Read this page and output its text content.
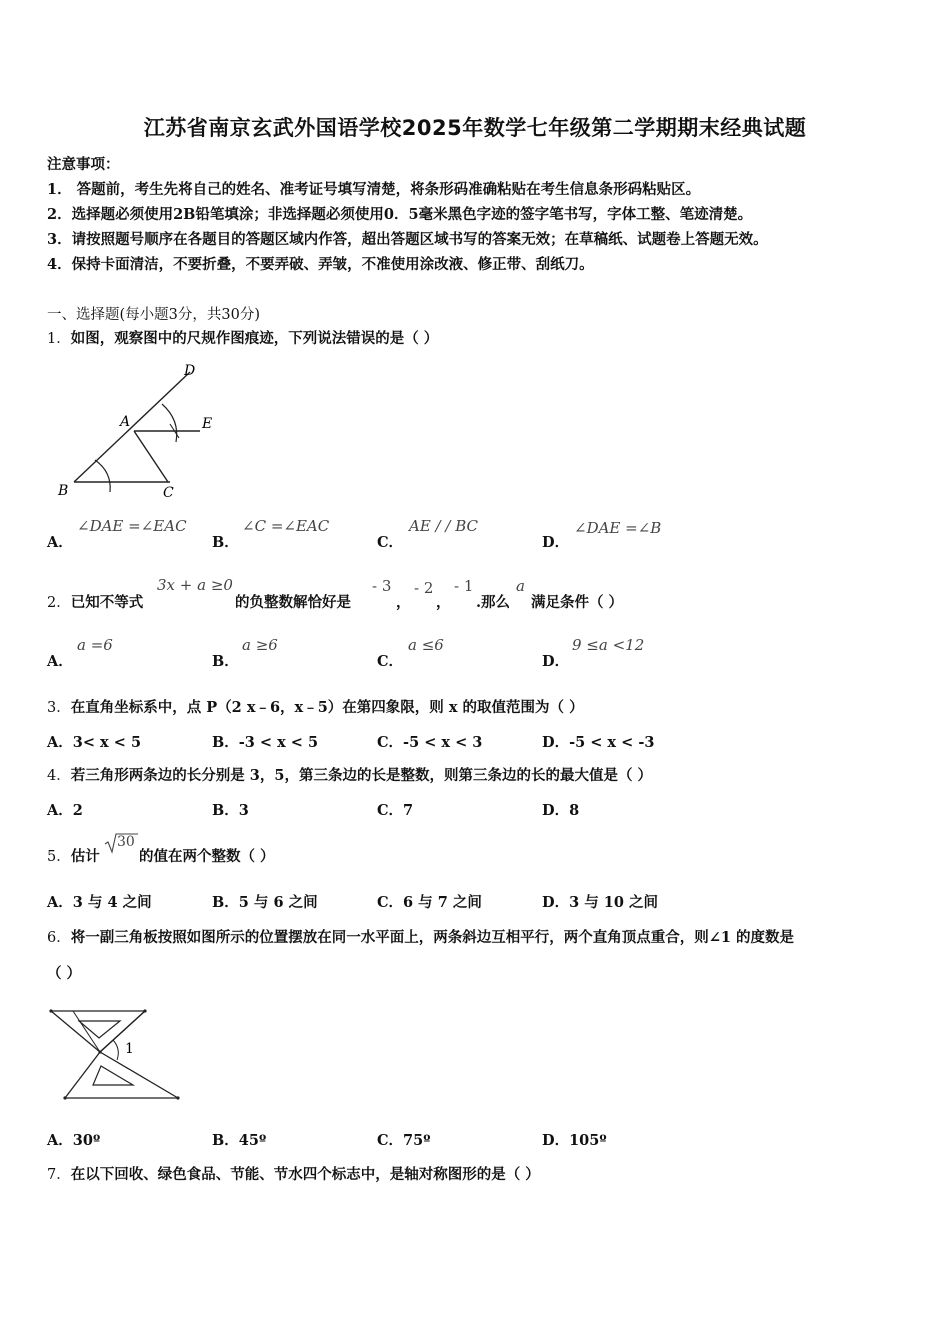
江苏省南京玄武外国语学校2025年数学七年级第二学期期末经典试题
注意事项：
1． 答题前，考生先将自己的姓名、准考证号填写清楚，将条形码准确粘贴在考生信息条形码粘贴区。
2．选择题必须使用2B铅笔填涂；非选择题必须使用0．5毫米黑色字迹的签字笔书写，字体工整、笔迹清楚。
3．请按照题号顺序在各题目的答题区域内作答，超出答题区域书写的答案无效；在草稿纸、试题卷上答题无效。
4．保持卡面清洁，不要折叠，不要弄破、弄皱，不准使用涂改液、修正带、刮纸刀。
一、选择题(每小题3分，共30分)
1．如图，观察图中的尺规作图痕迹，下列说法错误的是（ ）
B	C
A
D
E
A．
∠DAE =∠EAC
B．
∠C =∠EAC
C．
AE / / BC
D．
∠DAE =∠B
2．已知不等式
3x + a ≥0
的负整数解恰好是
- 3
，
- 2
，
- 1
.那么
a
满足条件（ ）
A．
a =6
B．
a ≥6
C．
a ≤6
D．
9 ≤a <12
3．在直角坐标系中，点 P（2 x﹣6，x﹣5）在第四象限，则 x 的取值范围为（ ）
A．3< x < 5	B．-3 < x < 5	C．-5 < x < 3	D．-5 < x < -3
4．若三角形两条边的长分别是 3，5，第三条边的长是整数，则第三条边的长的最大值是（ ）
A．2	B．3	C．7	D．8
5．估计
30
的值在两个整数（ ）
A．3 与 4 之间	B．5 与 6 之间	C．6 与 7 之间	D．3 与 10 之间
6．将一副三角板按照如图所示的位置摆放在同一水平面上，两条斜边互相平行，两个直角顶点重合，则∠1 的度数是
（ ）
1
A．30º	B．45º	C．75º	D．105º
7．在以下回收、绿色食品、节能、节水四个标志中，是轴对称图形的是（ ）
